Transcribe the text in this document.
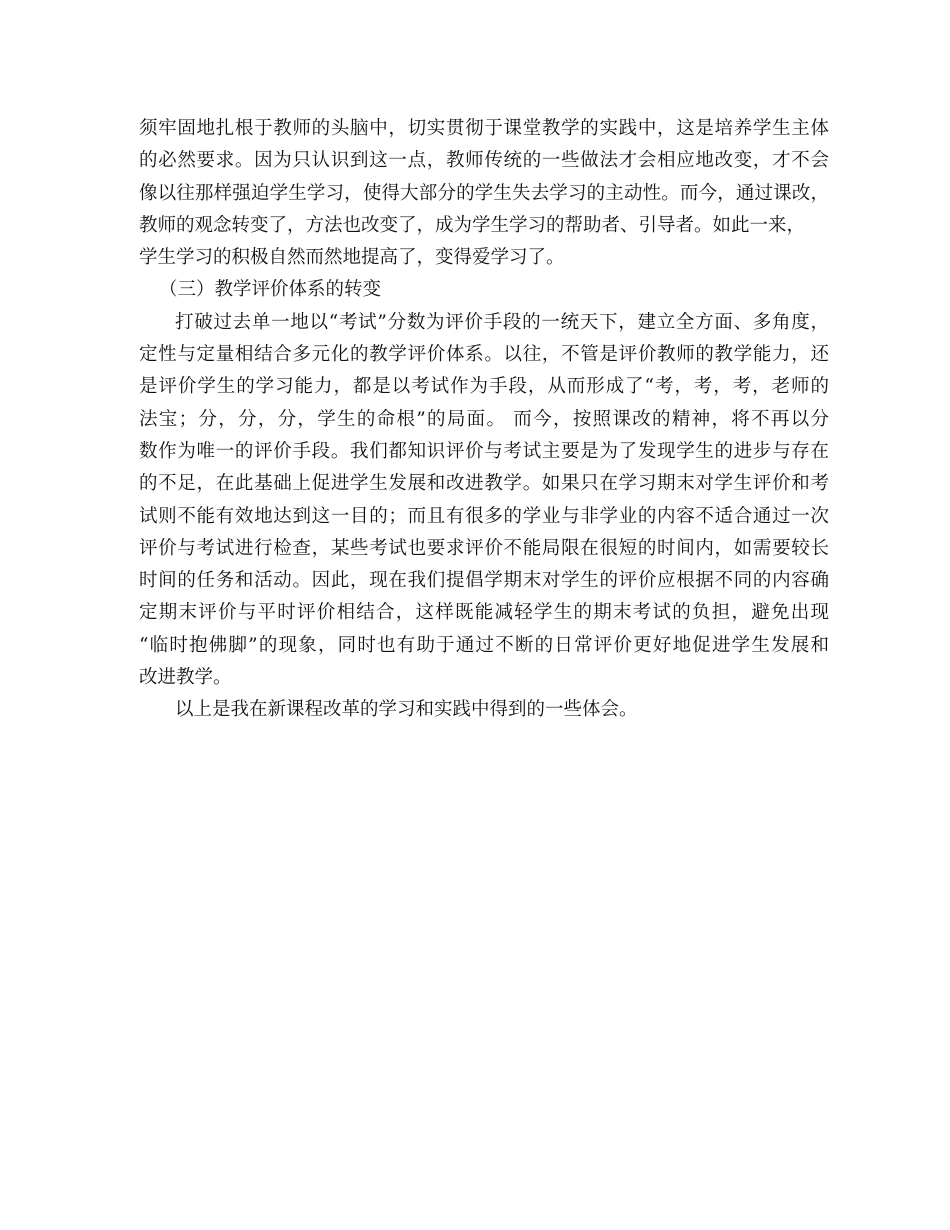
须牢固地扎根于教师的头脑中，切实贯彻于课堂教学的实践中，这是培养学生主体
的必然要求。因为只认识到这一点，教师传统的一些做法才会相应地改变，才不会
像以往那样强迫学生学习，使得大部分的学生失去学习的主动性。而今，通过课改，
教师的观念转变了，方法也改变了，成为学生学习的帮助者、引导者。如此一来，
学生学习的积极自然而然地提高了，变得爱学习了。
（三）教学评价体系的转变
打破过去单一地以“考试”分数为评价手段的一统天下，建立全方面、多角度，
定性与定量相结合多元化的教学评价体系。以往，不管是评价教师的教学能力，还
是评价学生的学习能力，都是以考试作为手段，从而形成了“考，考，考，老师的
法宝；分，分，分，学生的命根”的局面。 而今，按照课改的精神，将不再以分
数作为唯一的评价手段。我们都知识评价与考试主要是为了发现学生的进步与存在
的不足，在此基础上促进学生发展和改进教学。如果只在学习期末对学生评价和考
试则不能有效地达到这一目的；而且有很多的学业与非学业的内容不适合通过一次
评价与考试进行检查，某些考试也要求评价不能局限在很短的时间内，如需要较长
时间的任务和活动。因此，现在我们提倡学期末对学生的评价应根据不同的内容确
定期末评价与平时评价相结合，这样既能减轻学生的期末考试的负担，避免出现
“临时抱佛脚”的现象，同时也有助于通过不断的日常评价更好地促进学生发展和
改进教学。
以上是我在新课程改革的学习和实践中得到的一些体会。
